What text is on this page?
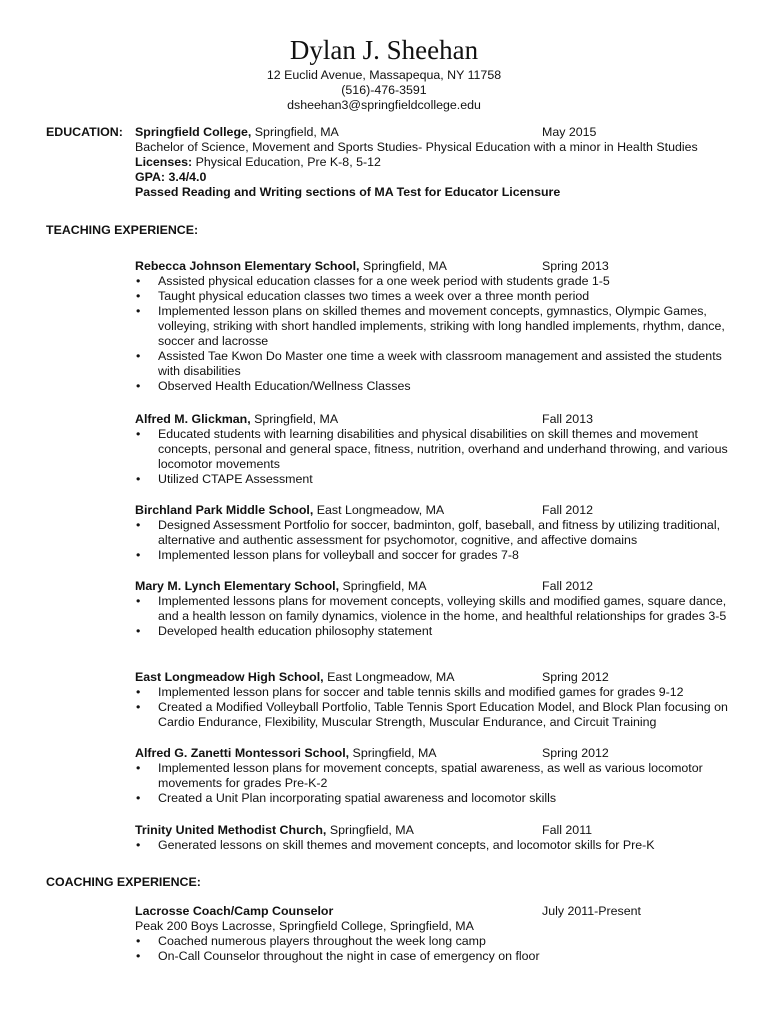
Dylan J. Sheehan
12 Euclid Avenue, Massapequa, NY 11758
(516)-476-3591
dsheehan3@springfieldcollege.edu
EDUCATION: Springfield College, Springfield, MA	May 2015
Bachelor of Science, Movement and Sports Studies- Physical Education with a minor in Health Studies
Licenses: Physical Education, Pre K-8, 5-12
GPA: 3.4/4.0
Passed Reading and Writing sections of MA Test for Educator Licensure
TEACHING EXPERIENCE:
Rebecca Johnson Elementary School, Springfield, MA	Spring 2013
• Assisted physical education classes for a one week period with students grade 1-5
• Taught physical education classes two times a week over a three month period
• Implemented lesson plans on skilled themes and movement concepts, gymnastics, Olympic Games, volleying, striking with short handled implements, striking with long handled implements, rhythm, dance, soccer and lacrosse
• Assisted Tae Kwon Do Master one time a week with classroom management and assisted the students with disabilities
• Observed Health Education/Wellness Classes
Alfred M. Glickman, Springfield, MA	Fall 2013
• Educated students with learning disabilities and physical disabilities on skill themes and movement concepts, personal and general space, fitness, nutrition, overhand and underhand throwing, and various locomotor movements
• Utilized CTAPE Assessment
Birchland Park Middle School, East Longmeadow, MA	Fall 2012
• Designed Assessment Portfolio for soccer, badminton, golf, baseball, and fitness by utilizing traditional, alternative and authentic assessment for psychomotor, cognitive, and affective domains
• Implemented lesson plans for volleyball and soccer for grades 7-8
Mary M. Lynch Elementary School, Springfield, MA	Fall 2012
• Implemented lessons plans for movement concepts, volleying skills and modified games, square dance, and a health lesson on family dynamics, violence in the home, and healthful relationships for grades 3-5
• Developed health education philosophy statement
East Longmeadow High School, East Longmeadow, MA	Spring 2012
• Implemented lesson plans for soccer and table tennis skills and modified games for grades 9-12
• Created a Modified Volleyball Portfolio, Table Tennis Sport Education Model, and Block Plan focusing on Cardio Endurance, Flexibility, Muscular Strength, Muscular Endurance, and Circuit Training
Alfred G. Zanetti Montessori School, Springfield, MA	Spring 2012
• Implemented lesson plans for movement concepts, spatial awareness, as well as various locomotor movements for grades Pre-K-2
• Created a Unit Plan incorporating spatial awareness and locomotor skills
Trinity United Methodist Church, Springfield, MA	Fall 2011
• Generated lessons on skill themes and movement concepts, and locomotor skills for Pre-K
COACHING EXPERIENCE:
Lacrosse Coach/Camp Counselor	July 2011-Present
Peak 200 Boys Lacrosse, Springfield College, Springfield, MA
• Coached numerous players throughout the week long camp
• On-Call Counselor throughout the night in case of emergency on floor
